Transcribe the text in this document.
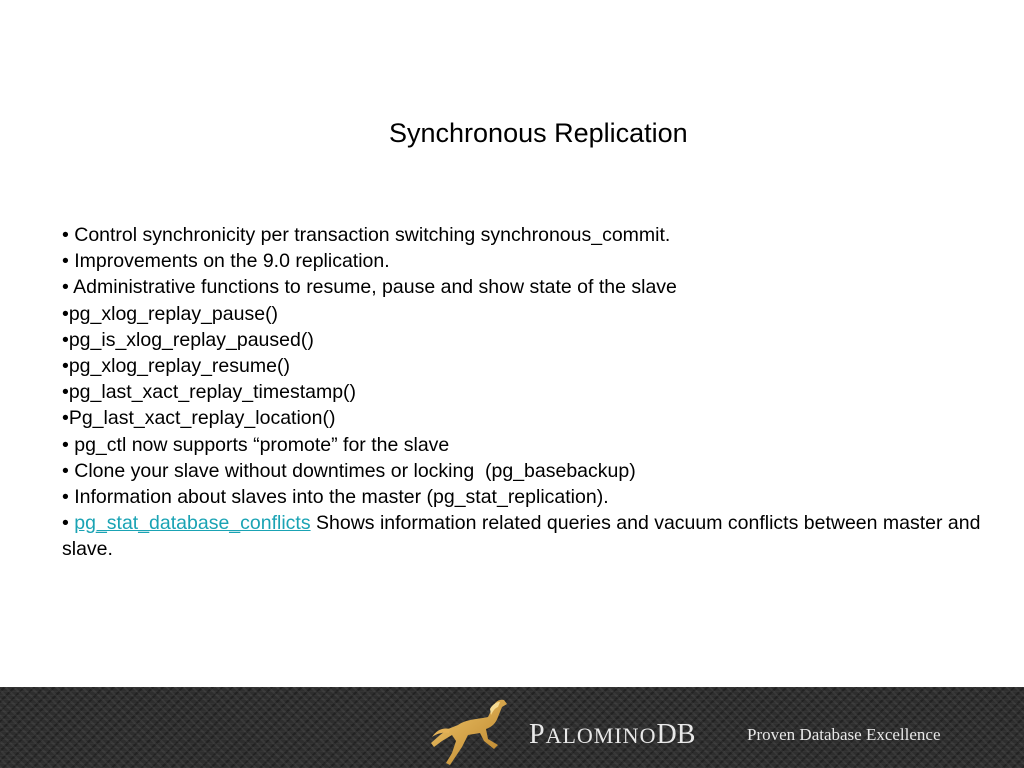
Synchronous Replication
• Control synchronicity per transaction switching synchronous_commit.
• Improvements on the 9.0 replication.
• Administrative functions to resume, pause and show state of the slave
•pg_xlog_replay_pause()
•pg_is_xlog_replay_paused()
•pg_xlog_replay_resume()
•pg_last_xact_replay_timestamp()
•Pg_last_xact_replay_location()
• pg_ctl now supports “promote” for the slave
• Clone your slave without downtimes or locking  (pg_basebackup)
• Information about slaves into the master (pg_stat_replication).
• pg_stat_database_conflicts Shows information related queries and vacuum conflicts between master and slave.
PALOMINODB	Proven Database Excellence
